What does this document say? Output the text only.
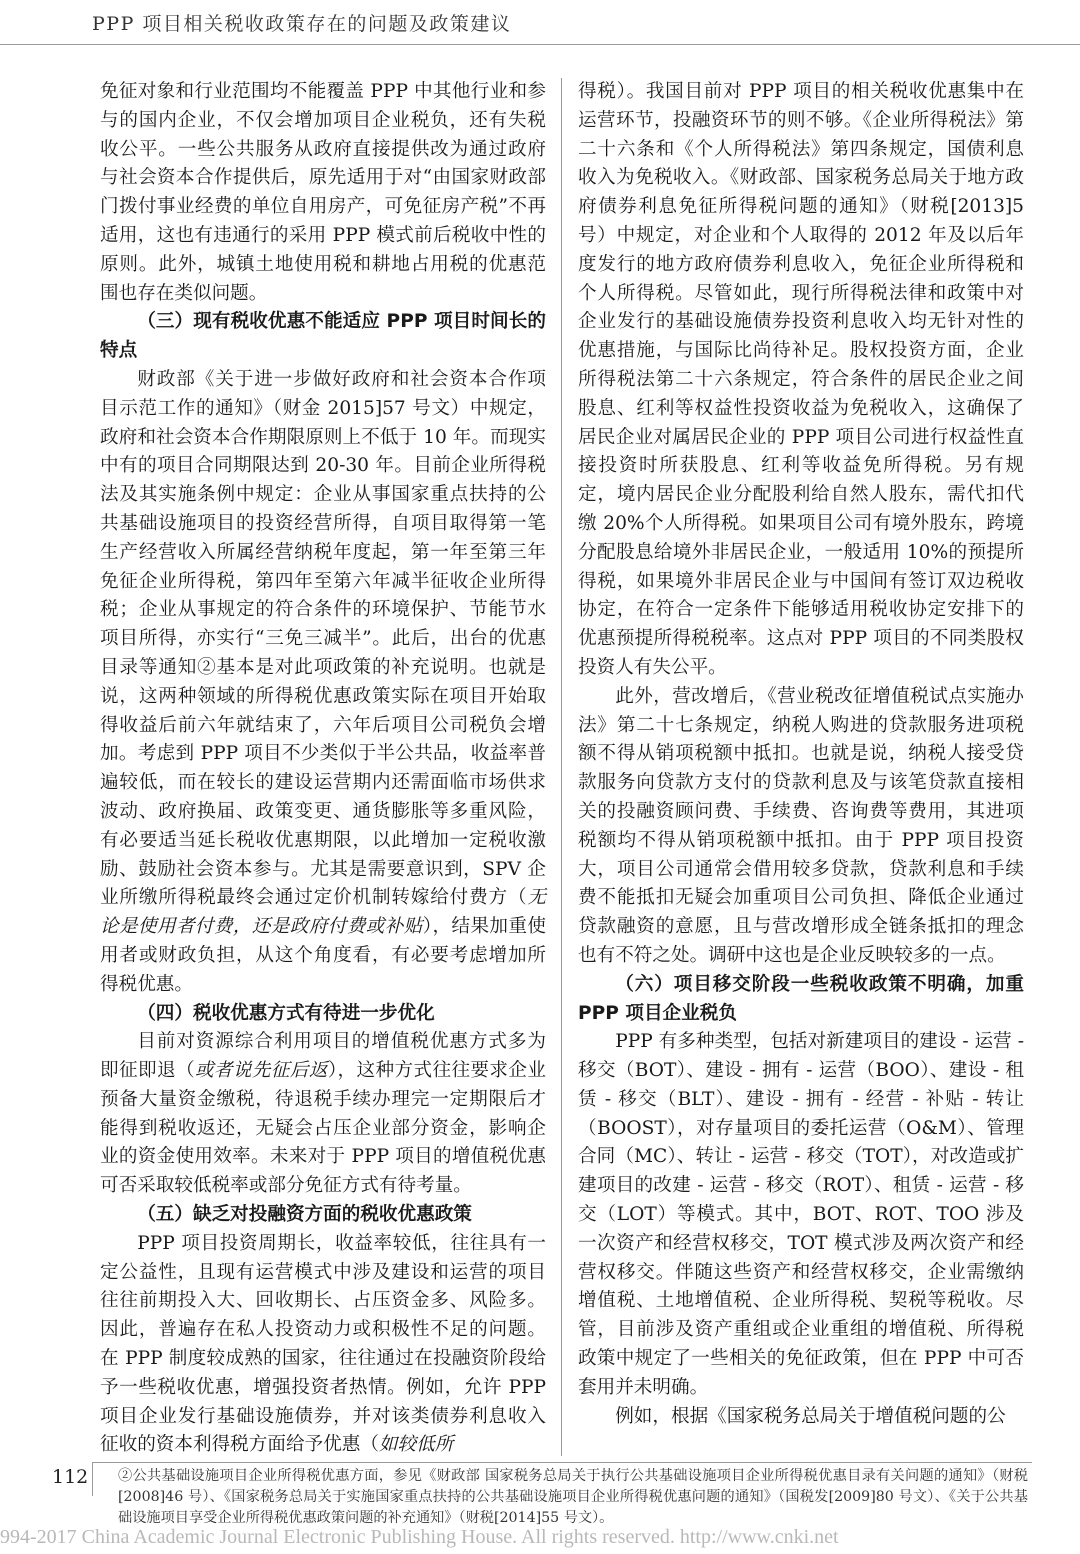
PPP 项目相关税收政策存在的问题及政策建议

免征对象和行业范围均不能覆盖 PPP 中其他行业和参与的国内企业，不仅会增加项目企业税负，还有失税收公平。一些公共服务从政府直接提供改为通过政府与社会资本合作提供后，原先适用于对“由国家财政部门拨付事业经费的单位自用房产，可免征房产税”不再适用，这也有违通行的采用 PPP 模式前后税收中性的原则。此外，城镇土地使用税和耕地占用税的优惠范围也存在类似问题。

（三）现有税收优惠不能适应 PPP 项目时间长的特点

财政部《关于进一步做好政府和社会资本合作项目示范工作的通知》（财金 2015]57 号文）中规定，政府和社会资本合作期限原则上不低于 10 年。而现实中有的项目合同期限达到 20-30 年。目前企业所得税法及其实施条例中规定：企业从事国家重点扶持的公共基础设施项目的投资经营所得，自项目取得第一笔生产经营收入所属经营纳税年度起，第一年至第三年免征企业所得税，第四年至第六年减半征收企业所得税；企业从事规定的符合条件的环境保护、节能节水项目所得，亦实行“三免三减半”。此后，出台的优惠目录等通知②基本是对此项政策的补充说明。也就是说，这两种领域的所得税优惠政策实际在项目开始取得收益后前六年就结束了，六年后项目公司税负会增加。考虑到 PPP 项目不少类似于半公共品，收益率普遍较低，而在较长的建设运营期内还需面临市场供求波动、政府换届、政策变更、通货膨胀等多重风险，有必要适当延长税收优惠期限，以此增加一定税收激励、鼓励社会资本参与。尤其是需要意识到，SPV 企业所缴所得税最终会通过定价机制转嫁给付费方（无论是使用者付费，还是政府付费或补贴），结果加重使用者或财政负担，从这个角度看，有必要考虑增加所得税优惠。

（四）税收优惠方式有待进一步优化

目前对资源综合利用项目的增值税优惠方式多为即征即退（或者说先征后返），这种方式往往要求企业预备大量资金缴税，待退税手续办理完一定期限后才能得到税收返还，无疑会占压企业部分资金，影响企业的资金使用效率。未来对于 PPP 项目的增值税优惠可否采取较低税率或部分免征方式有待考量。

（五）缺乏对投融资方面的税收优惠政策

PPP 项目投资周期长，收益率较低，往往具有一定公益性，且现有运营模式中涉及建设和运营的项目往往前期投入大、回收期长、占压资金多、风险多。因此，普遍存在私人投资动力或积极性不足的问题。在 PPP 制度较成熟的国家，往往通过在投融资阶段给予一些税收优惠，增强投资者热情。例如，允许 PPP 项目企业发行基础设施债券，并对该类债券利息收入征收的资本利得税方面给予优惠（如较低所

得税）。我国目前对 PPP 项目的相关税收优惠集中在运营环节，投融资环节的则不够。《企业所得税法》第二十六条和《个人所得税法》第四条规定，国债利息收入为免税收入。《财政部、国家税务总局关于地方政府债券利息免征所得税问题的通知》（财税[2013]5 号）中规定，对企业和个人取得的 2012 年及以后年度发行的地方政府债券利息收入，免征企业所得税和个人所得税。尽管如此，现行所得税法律和政策中对企业发行的基础设施债券投资利息收入均无针对性的优惠措施，与国际比尚待补足。股权投资方面，企业所得税法第二十六条规定，符合条件的居民企业之间股息、红利等权益性投资收益为免税收入，这确保了居民企业对属居民企业的 PPP 项目公司进行权益性直接投资时所获股息、红利等收益免所得税。另有规定，境内居民企业分配股利给自然人股东，需代扣代缴 20%个人所得税。如果项目公司有境外股东，跨境分配股息给境外非居民企业，一般适用 10%的预提所得税，如果境外非居民企业与中国间有签订双边税收协定，在符合一定条件下能够适用税收协定安排下的优惠预提所得税税率。这点对 PPP 项目的不同类股权投资人有失公平。

此外，营改增后，《营业税改征增值税试点实施办法》第二十七条规定，纳税人购进的贷款服务进项税额不得从销项税额中抵扣。也就是说，纳税人接受贷款服务向贷款方支付的贷款利息及与该笔贷款直接相关的投融资顾问费、手续费、咨询费等费用，其进项税额均不得从销项税额中抵扣。由于 PPP 项目投资大，项目公司通常会借用较多贷款，贷款利息和手续费不能抵扣无疑会加重项目公司负担、降低企业通过贷款融资的意愿，且与营改增形成全链条抵扣的理念也有不符之处。调研中这也是企业反映较多的一点。

（六）项目移交阶段一些税收政策不明确，加重 PPP 项目企业税负

PPP 有多种类型，包括对新建项目的建设 - 运营 - 移交（BOT）、建设 - 拥有 - 运营（BOO）、建设 - 租赁 - 移交（BLT）、建设 - 拥有 - 经营 - 补贴 - 转让（BOOST），对存量项目的委托运营（O&M）、管理合同（MC）、转让 - 运营 - 移交（TOT），对改造或扩建项目的改建 - 运营 - 移交（ROT）、租赁 - 运营 - 移交（LOT）等模式。其中，BOT、ROT、TOO 涉及一次资产和经营权移交，TOT 模式涉及两次资产和经营权移交。伴随这些资产和经营权移交，企业需缴纳增值税、土地增值税、企业所得税、契税等税收。尽管，目前涉及资产重组或企业重组的增值税、所得税政策中规定了一些相关的免征政策，但在 PPP 中可否套用并未明确。

例如，根据《国家税务总局关于增值税问题的公

112 ②公共基础设施项目企业所得税优惠方面，参见《财政部 国家税务总局关于执行公共基础设施项目企业所得税优惠目录有关问题的通知》（财税 [2008]46 号）、《国家税务总局关于实施国家重点扶持的公共基础设施项目企业所得税优惠问题的通知》（国税发[2009]80 号文）、《关于公共基础设施项目享受企业所得税优惠政策问题的补充通知》（财税[2014]55 号文）。
994-2017 China Academic Journal Electronic Publishing House. All rights reserved. http://www.cnki.net
